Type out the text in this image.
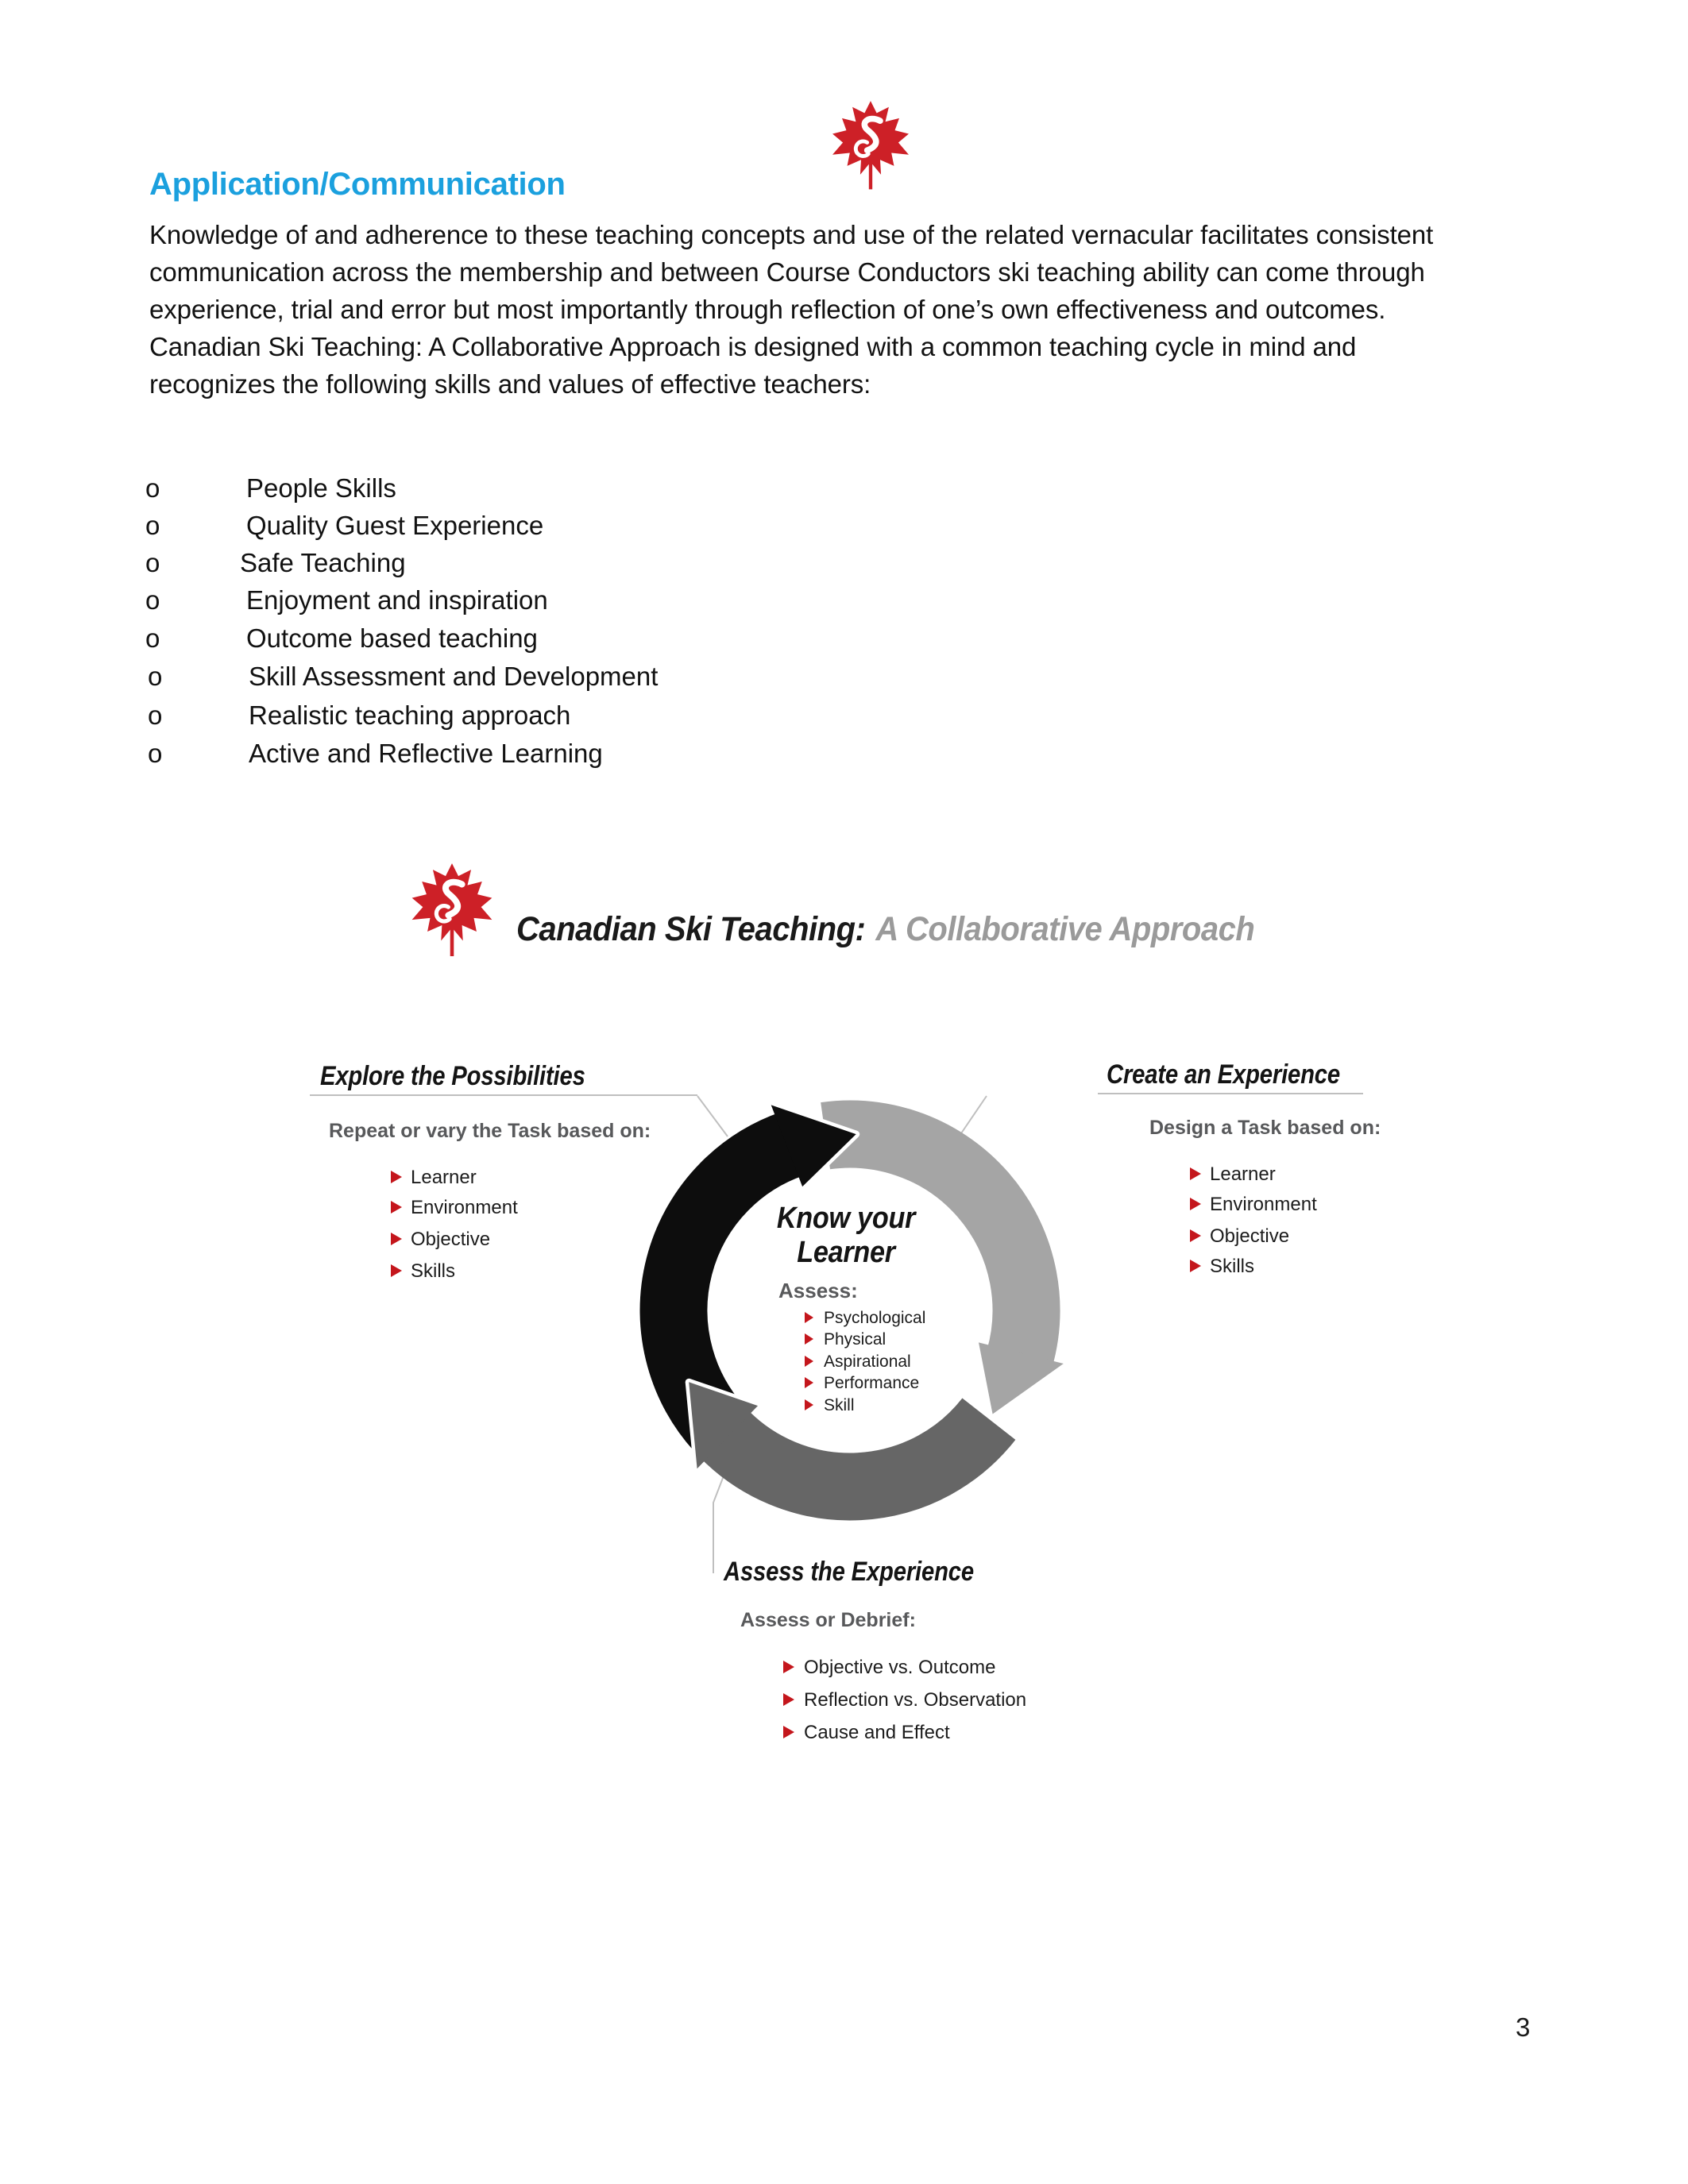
Application/Communication
Knowledge of and adherence to these teaching concepts and use of the related vernacular facilitates consistent
communication across the membership and between Course Conductors ski teaching ability can come through
experience, trial and error but most importantly through reflection of one’s own effectiveness and outcomes.
Canadian Ski Teaching: A Collaborative Approach is designed with a common teaching cycle in mind and
recognizes the following skills and values of effective teachers:
o	People Skills
o	Quality Guest Experience
o	Safe Teaching
o	Enjoyment and inspiration
o	Outcome based teaching
o	Skill Assessment and Development
o	Realistic teaching approach
o	Active and Reflective Learning
Canadian Ski Teaching: A Collaborative Approach
Explore the Possibilities
Repeat or vary the Task based on:
Learner
Environment
Objective
Skills
Create an Experience
Design a Task based on:
Learner
Environment
Objective
Skills
Know your
Learner
Assess:
Psychological
Physical
Aspirational
Performance
Skill
Assess the Experience
Assess or Debrief:
Objective vs. Outcome
Reflection vs. Observation
Cause and Effect
3
